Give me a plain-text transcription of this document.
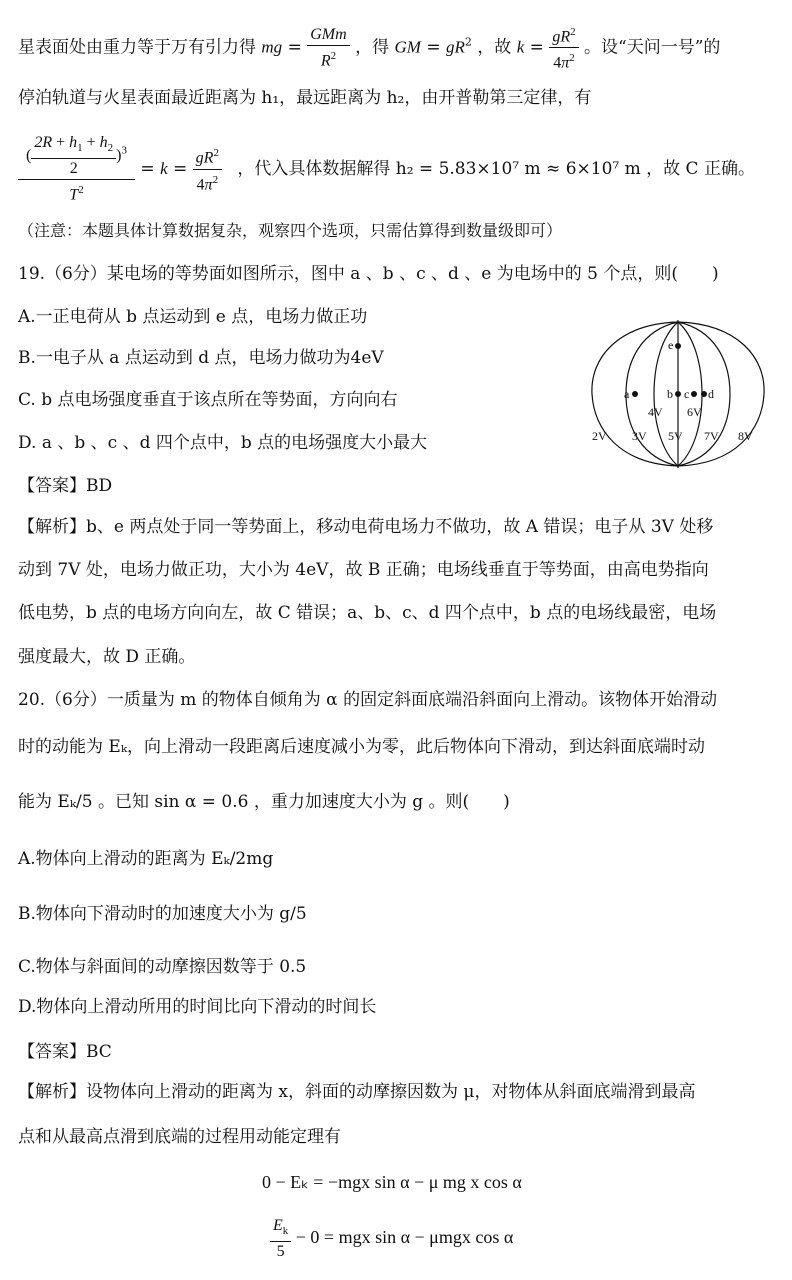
星表面处由重力等于万有引力得 mg = $\frac{\text{GMm}}{R^2}$ ，得 GM = $gR^2$ ，故 $k = \frac{gR^2}{4\pi^2}$ 。设“天问一号”的
停泊轨道与火星表面最近距离为 h₁，最远距离为 h₂，由开普勒第三定律，有
$\frac{( \frac{2R + h_1 + h_2}{2} )^3}{T^2} = k = \frac{gR^2}{4\pi^2}$ ，代入具体数据解得 h₂ = 5.83×10⁷ m ≈ 6×10⁷ m ，故 C 正确。
（注意：本题具体计算数据复杂，观察四个选项，只需估算得到数量级即可）
19.（6分）某电场的等势面如图所示，图中 a 、b 、c 、d 、e 为电场中的 5 个点，则(　　)
A.一正电荷从 b 点运动到 e 点，电场力做正功
B.一电子从 a 点运动到 d 点，电场力做功为4eV
C. b 点电场强度垂直于该点所在等势面，方向向右
D. a 、b 、c 、d 四个点中，b 点的电场强度大小最大
e
a	b c d
2V 3V
4V
5V
6V
7V 8V
【答案】BD
【解析】b、e 两点处于同一等势面上，移动电荷电场力不做功，故 A 错误；电子从 3V 处移
动到 7V 处，电场力做正功，大小为 4eV，故 B 正确；电场线垂直于等势面，由高电势指向
低电势，b 点的电场方向向左，故 C 错误；a、b、c、d 四个点中，b 点的电场线最密，电场
强度最大，故 D 正确。
20.（6分）一质量为 m 的物体自倾角为 α 的固定斜面底端沿斜面向上滑动。该物体开始滑动
时的动能为 Eₖ，向上滑动一段距离后速度减小为零，此后物体向下滑动，到达斜面底端时动
能为 Eₖ/5 。已知 sin α = 0.6 ，重力加速度大小为 g 。则(　　)
A.物体向上滑动的距离为 Eₖ/2mg
B.物体向下滑动时的加速度大小为 g/5
C.物体与斜面间的动摩擦因数等于 0.5
D.物体向上滑动所用的时间比向下滑动的时间长
【答案】BC
【解析】设物体向上滑动的距离为 x，斜面的动摩擦因数为 μ，对物体从斜面底端滑到最高
点和从最高点滑到底端的过程用动能定理有
0 − Eₖ = −mgx sin α − μ mg x cos α
$\frac{E_k}{5} - 0$ = mgx sin α − μmgx cos α
